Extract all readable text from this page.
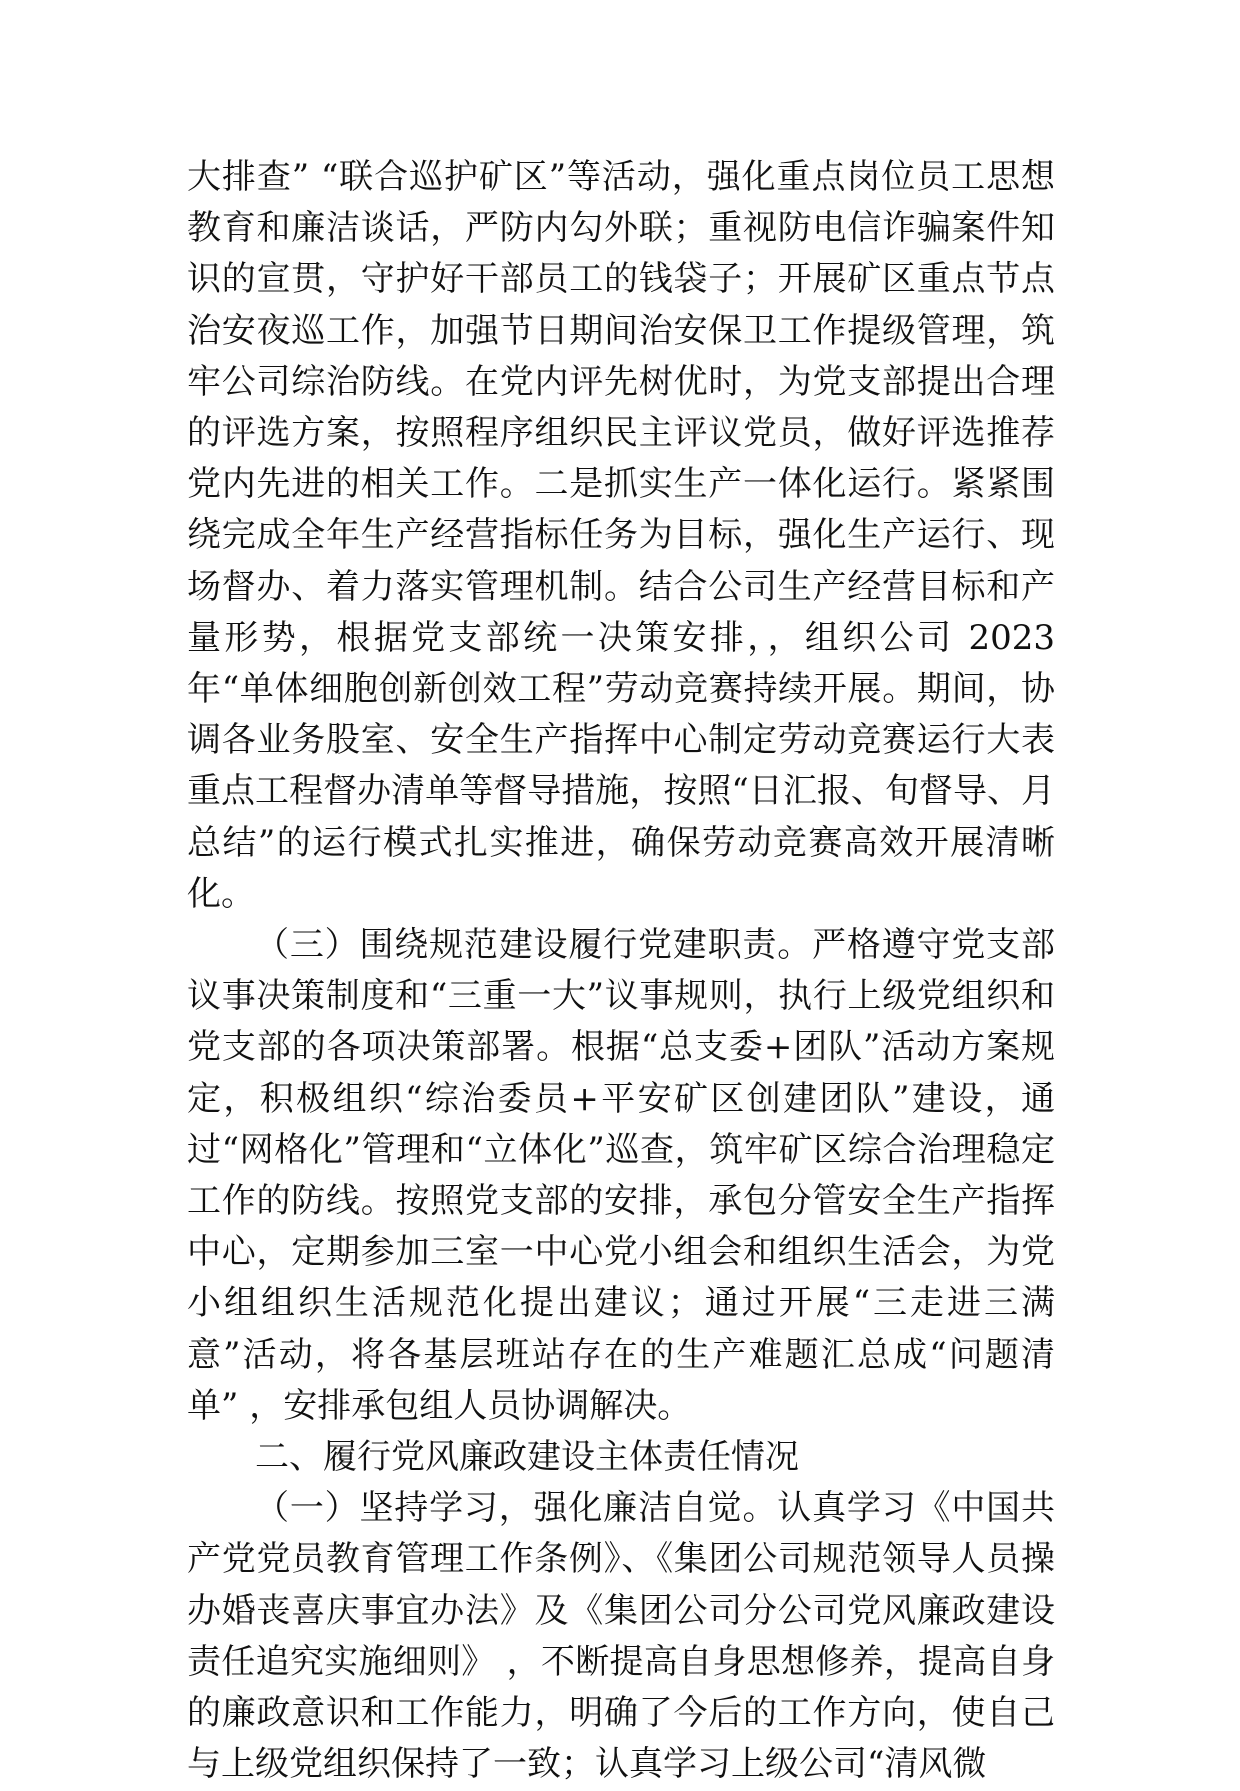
大排查” “联合巡护矿区”等活动，强化重点岗位员工思想教育和廉洁谈话，严防内勾外联；重视防电信诈骗案件知识的宣贯，守护好干部员工的钱袋子；开展矿区重点节点治安夜巡工作，加强节日期间治安保卫工作提级管理，筑牢公司综治防线。在党内评先树优时，为党支部提出合理的评选方案，按照程序组织民主评议党员，做好评选推荐党内先进的相关工作。二是抓实生产一体化运行。紧紧围绕完成全年生产经营指标任务为目标，强化生产运行、现场督办、着力落实管理机制。结合公司生产经营目标和产量形势，根据党支部统一决策安排，，组织公司 2023 年“单体细胞创新创效工程”劳动竞赛持续开展。期间，协调各业务股室、安全生产指挥中心制定劳动竞赛运行大表重点工程督办清单等督导措施，按照“日汇报、旬督导、月总结”的运行模式扎实推进，确保劳动竞赛高效开展清晰化。

（三）围绕规范建设履行党建职责。严格遵守党支部议事决策制度和“三重一大”议事规则，执行上级党组织和党支部的各项决策部署。根据“总支委+团队”活动方案规定，积极组织“综治委员+平安矿区创建团队”建设，通过“网格化”管理和“立体化”巡查，筑牢矿区综合治理稳定工作的防线。按照党支部的安排，承包分管安全生产指挥中心，定期参加三室一中心党小组会和组织生活会，为党小组组织生活规范化提出建议；通过开展“三走进三满意”活动，将各基层班站存在的生产难题汇总成“问题清单” ，安排承包组人员协调解决。

二、履行党风廉政建设主体责任情况

（一）坚持学习，强化廉洁自觉。认真学习《中国共产党党员教育管理工作条例》、《集团公司规范领导人员操办婚丧喜庆事宜办法》及《集团公司分公司党风廉政建设责任追究实施细则》 ，不断提高自身思想修养，提高自身的廉政意识和工作能力，明确了今后的工作方向，使自己与上级党组织保持了一致；认真学习上级公司“清风微
